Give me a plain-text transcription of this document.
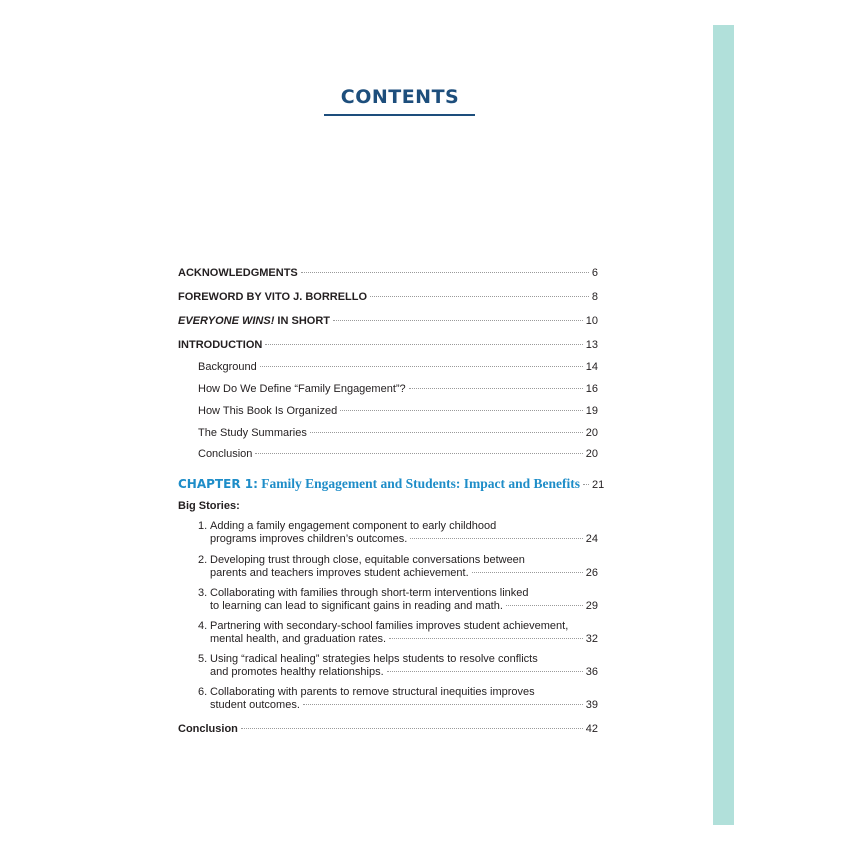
CONTENTS
ACKNOWLEDGMENTS	6
FOREWORD BY VITO J. BORRELLO	8
EVERYONE WINS! IN SHORT	10
INTRODUCTION	13
Background	14
How Do We Define “Family Engagement”?	16
How This Book Is Organized	19
The Study Summaries	20
Conclusion	20
CHAPTER 1: Family Engagement and Students: Impact and Benefits 21
Big Stories:
1. Adding a family engagement component to early childhood
programs improves children’s outcomes.	24
2. Developing trust through close, equitable conversations between
parents and teachers improves student achievement.	26
3. Collaborating with families through short-term interventions linked
to learning can lead to significant gains in reading and math.	29
4. Partnering with secondary-school families improves student achievement,
mental health, and graduation rates.	32
5. Using “radical healing” strategies helps students to resolve conflicts
and promotes healthy relationships.	36
6. Collaborating with parents to remove structural inequities improves
student outcomes.	39
Conclusion	42
